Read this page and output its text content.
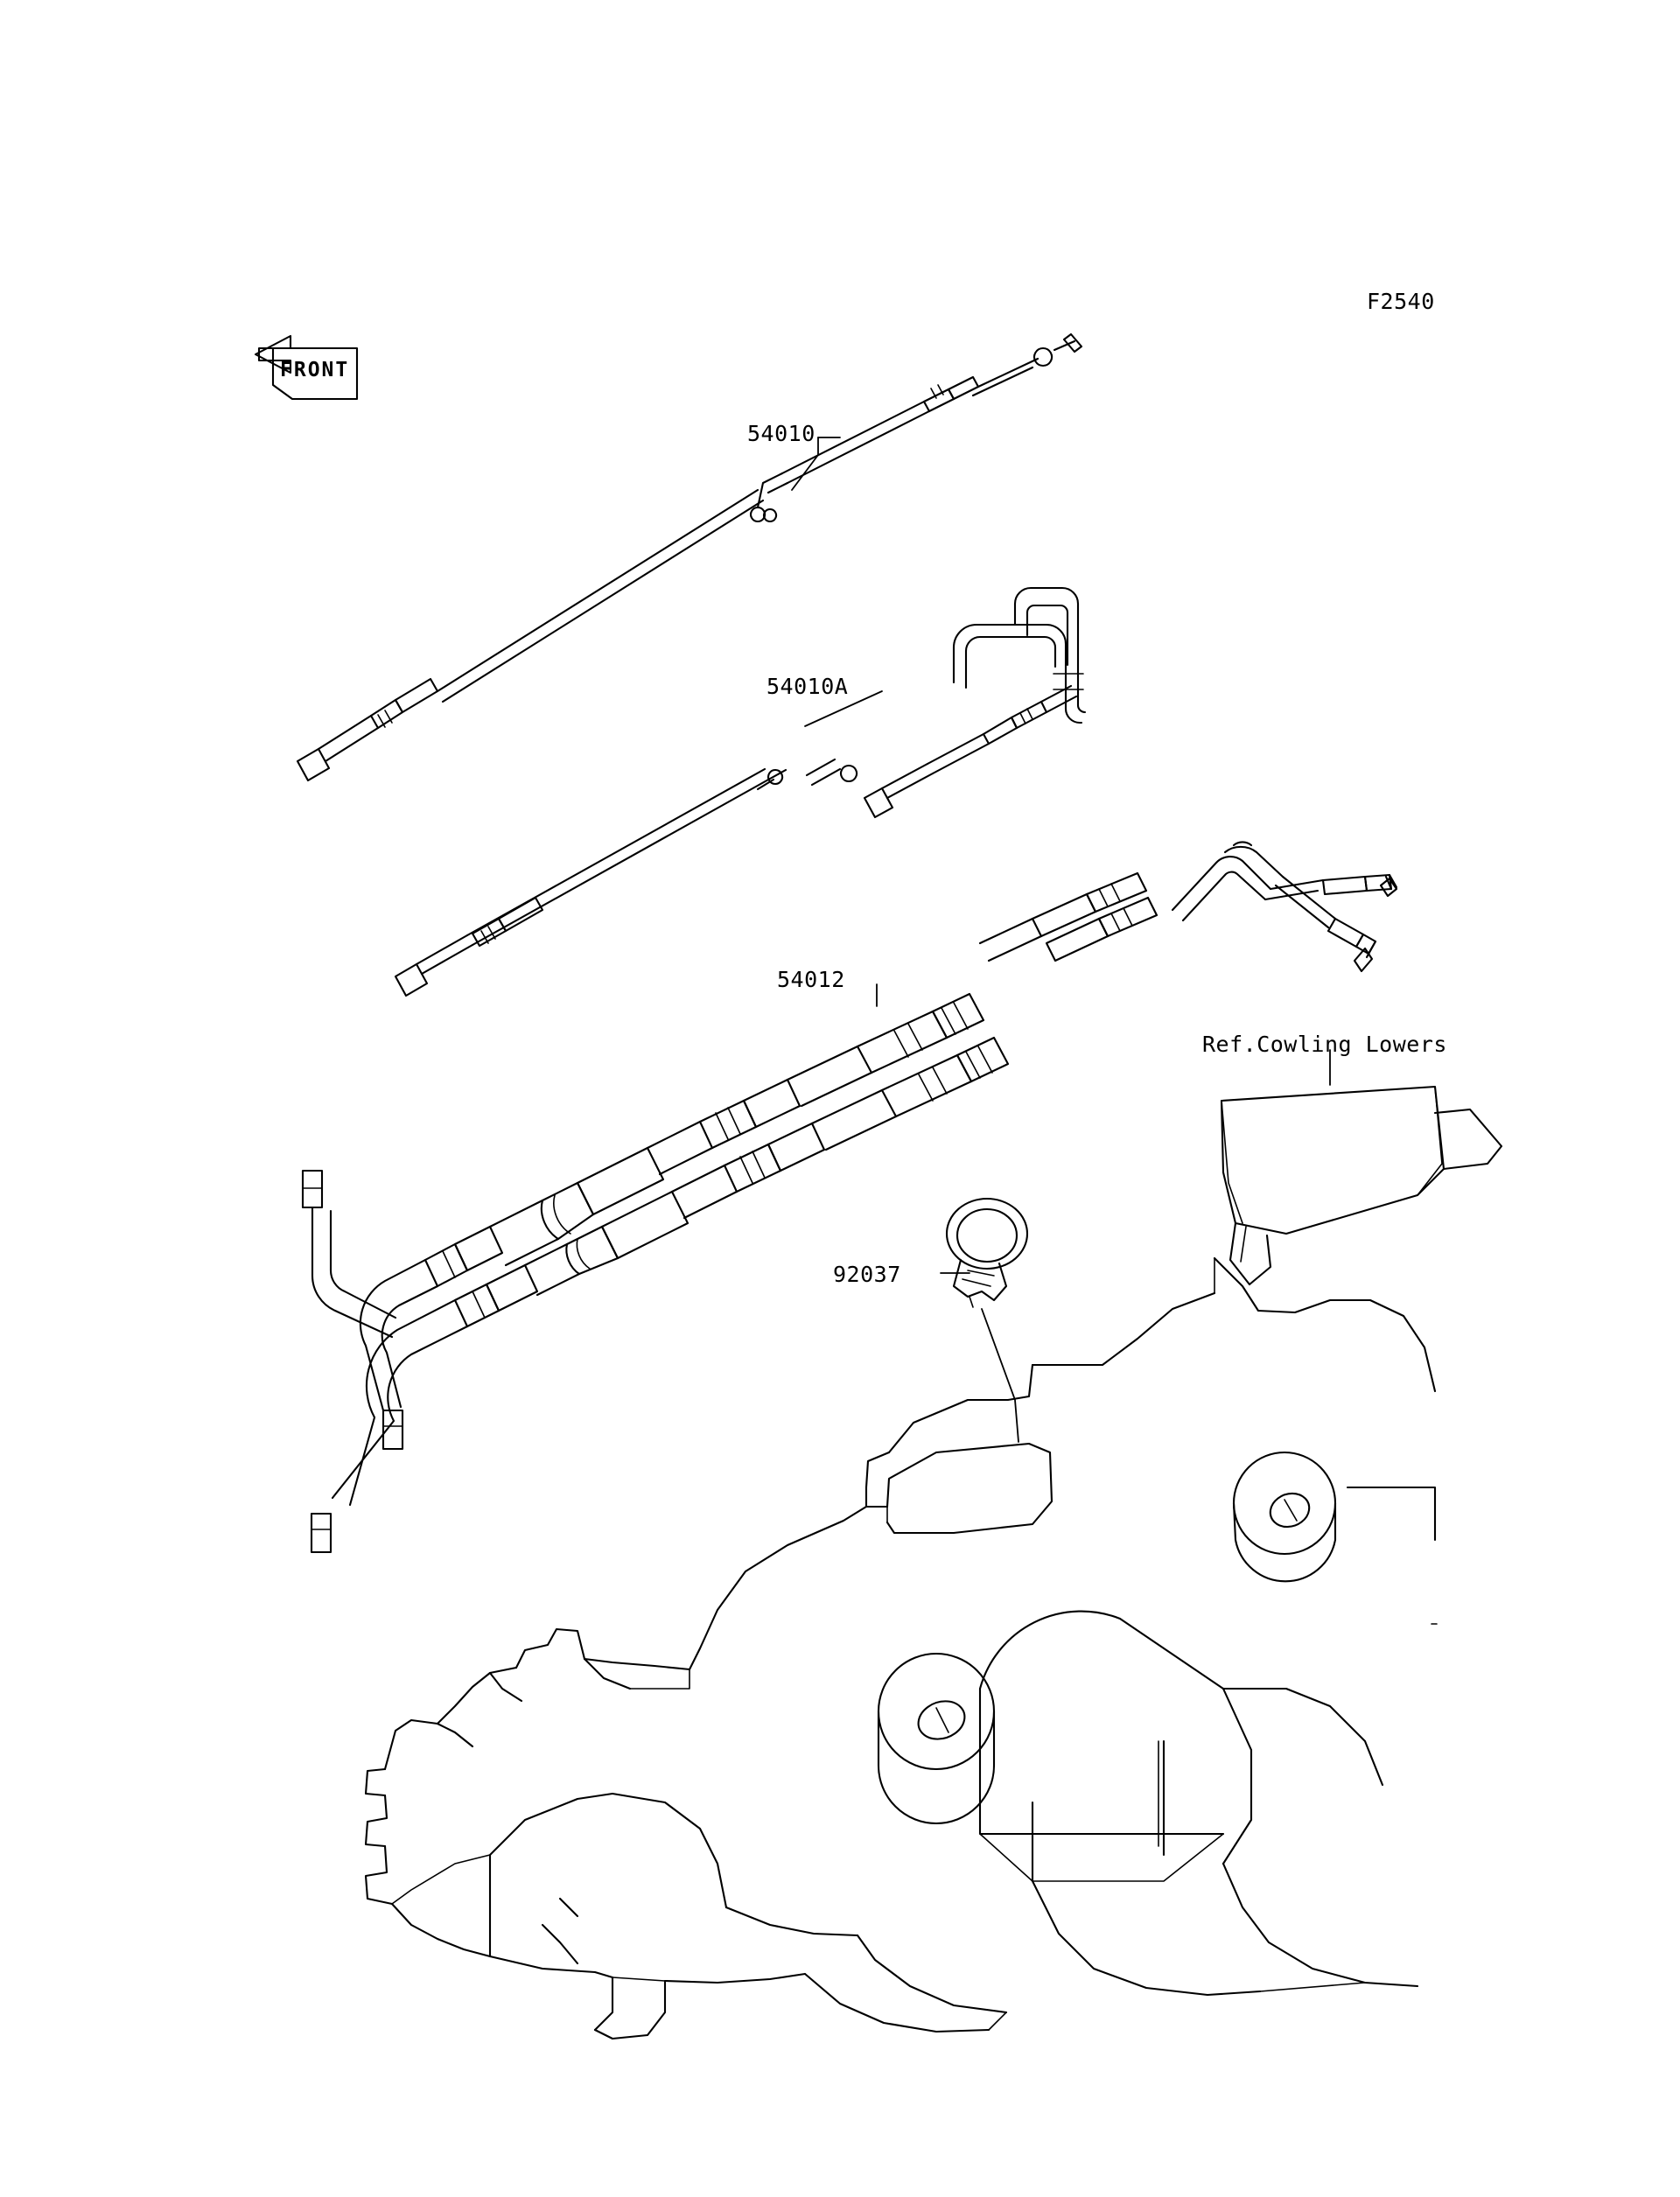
F2540
FRONT
54010
54010A
54012
92037
Ref.Cowling Lowers
